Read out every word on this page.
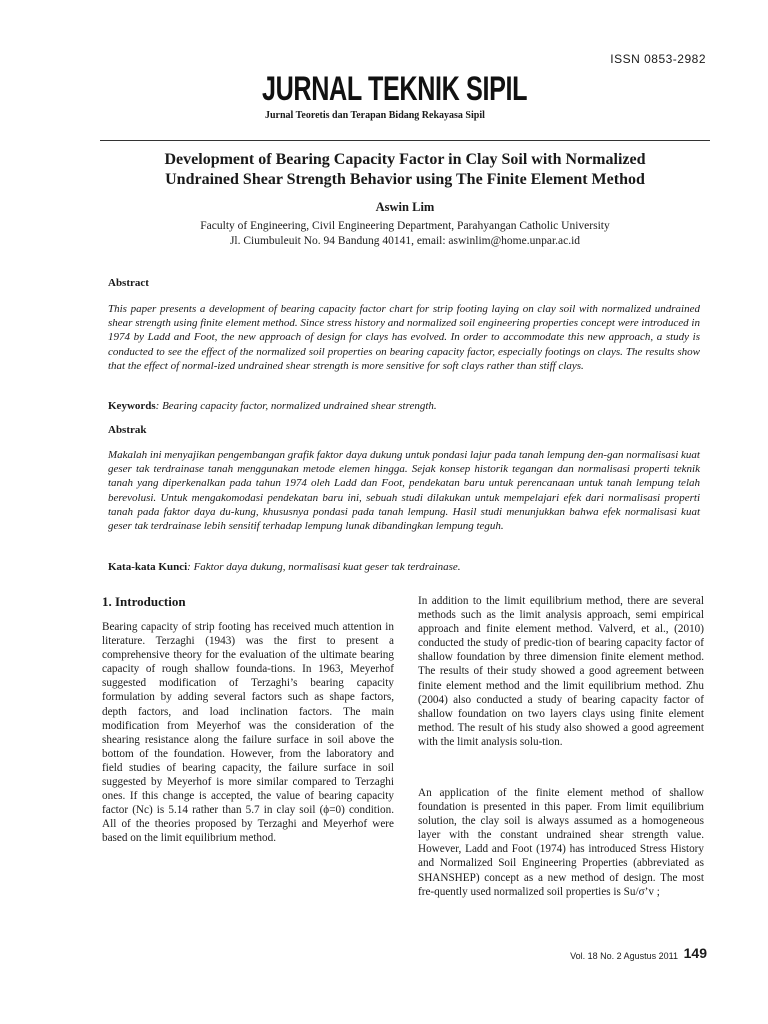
ISSN 0853-2982
JURNAL TEKNIK SIPIL
Jurnal Teoretis dan Terapan Bidang Rekayasa Sipil
Development of Bearing Capacity Factor in Clay Soil with Normalized
Undrained Shear Strength Behavior using The Finite Element Method
Aswin Lim
Faculty of Engineering, Civil Engineering Department, Parahyangan Catholic University
Jl. Ciumbuleuit No. 94 Bandung 40141, email: aswinlim@home.unpar.ac.id
Abstract
This paper presents a development of bearing capacity factor chart for strip footing laying on clay soil with normalized undrained shear strength using finite element method. Since stress history and normalized soil engineering properties concept were introduced in 1974 by Ladd and Foot, the new approach of design for clays has evolved. In order to accommodate this new approach, a study is conducted to see the effect of the normalized soil properties on bearing capacity factor, especially footings on clays. The results show that the effect of normal-ized undrained shear strength is more sensitive for soft clays rather than stiff clays.
Keywords: Bearing capacity factor, normalized undrained shear strength.
Abstrak
Makalah ini menyajikan pengembangan grafik faktor daya dukung untuk pondasi lajur pada tanah lempung den-gan normalisasi kuat geser tak terdrainase tanah menggunakan metode elemen hingga. Sejak konsep historik tegangan dan normalisasi properti teknik tanah yang diperkenalkan pada tahun 1974 oleh Ladd dan Foot, pendekatan baru untuk perencanaan untuk tanah lempung telah berevolusi. Untuk mengakomodasi pendekatan baru ini, sebuah studi dilakukan untuk mempelajari efek dari normalisasi properti tanah pada faktor daya du-kung, khususnya pondasi pada tanah lempung. Hasil studi menunjukkan bahwa efek normalisasi kuat geser tak terdrainase lebih sensitif terhadap lempung lunak dibandingkan lempung teguh.
Kata-kata Kunci: Faktor daya dukung, normalisasi kuat geser tak terdrainase.
1. Introduction
Bearing capacity of strip footing has received much attention in literature. Terzaghi (1943) was the first to present a comprehensive theory for the evaluation of the ultimate bearing capacity of rough shallow founda-tions. In 1963, Meyerhof suggested modification of Terzaghi’s bearing capacity formulation by adding several factors such as shape factors, depth factors, and load inclination factors. The main modification from Meyerhof was the consideration of the shearing resistance along the failure surface in soil above the bottom of the foundation. However, from the laboratory and field studies of bearing capacity, the failure surface in soil suggested by Meyerhof is more similar compared to Terzaghi ones. If this change is accepted, the value of bearing capacity factor (Nc) is 5.14 rather than 5.7 in clay soil (ϕ=0) condition. All of the theories proposed by Terzaghi and Meyerhof were based on the limit equilibrium method.
In addition to the limit equilibrium method, there are several methods such as the limit analysis approach, semi empirical approach and finite element method. Valverd, et al., (2010) conducted the study of predic-tion of bearing capacity factor of shallow foundation by three dimension finite element method. The results of their study showed a good agreement between finite element method and the limit equilibrium method. Zhu (2004) also conducted a study of bearing capacity factor of shallow foundation on two layers clays using finite element method. The result of his study also showed a good agreement with the limit analysis solu-tion.
An application of the finite element method of shallow foundation is presented in this paper. From limit equilibrium solution, the clay soil is always assumed as a homogeneous layer with the constant undrained shear strength value. However, Ladd and Foot (1974) has introduced Stress History and Normalized Soil Engineering Properties (abbreviated as SHANSHEP) concept as a new method of design. The most fre-quently used normalized soil properties is Su/σ’v ;
Vol. 18 No. 2 Agustus 2011 149
